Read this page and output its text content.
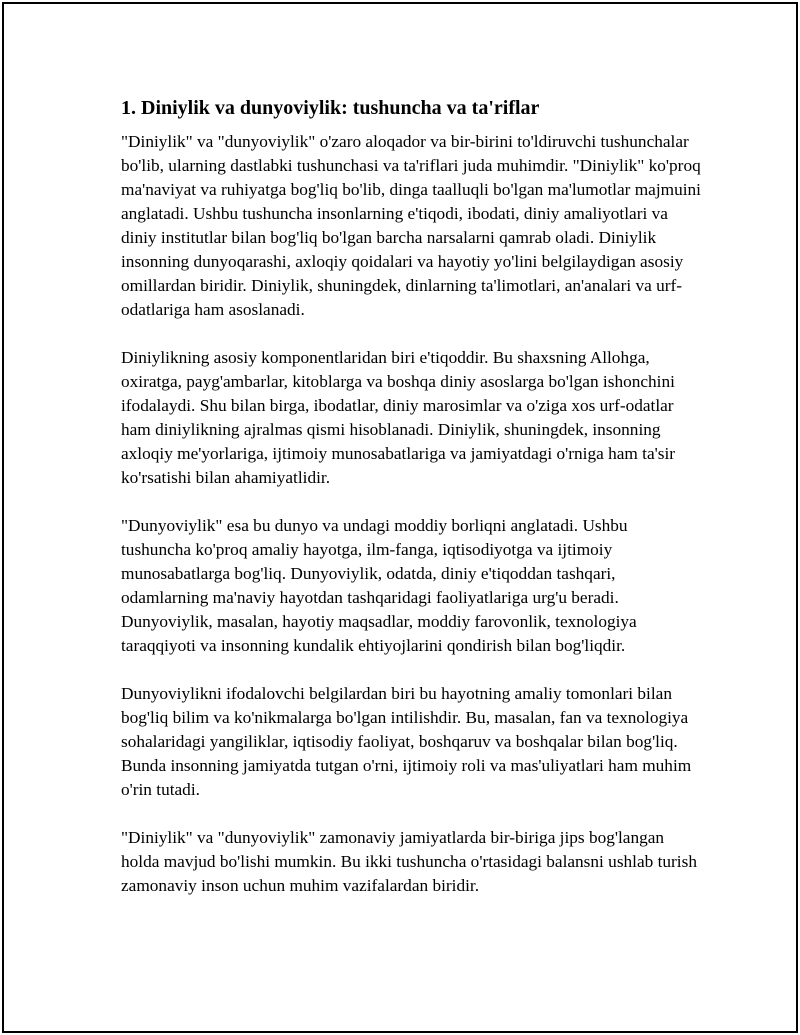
1. Diniylik va dunyoviylik: tushuncha va ta'riflar

"Diniylik" va "dunyoviylik" o'zaro aloqador va bir-birini to'ldiruvchi tushunchalar bo'lib, ularning dastlabki tushunchasi va ta'riflari juda muhimdir. "Diniylik" ko'proq ma'naviyat va ruhiyatga bog'liq bo'lib, dinga taalluqli bo'lgan ma'lumotlar majmuini anglatadi. Ushbu tushuncha insonlarning e'tiqodi, ibodati, diniy amaliyotlari va diniy institutlar bilan bog'liq bo'lgan barcha narsalarni qamrab oladi. Diniylik insonning dunyoqarashi, axloqiy qoidalari va hayotiy yo'lini belgilaydigan asosiy omillardan biridir. Diniylik, shuningdek, dinlarning ta'limotlari, an'analari va urf-odatlariga ham asoslanadi.

Diniylikning asosiy komponentlaridan biri e'tiqoddir. Bu shaxsning Allohga, oxiratga, payg'ambarlar, kitoblarga va boshqa diniy asoslarga bo'lgan ishonchini ifodalaydi. Shu bilan birga, ibodatlar, diniy marosimlar va o'ziga xos urf-odatlar ham diniylikning ajralmas qismi hisoblanadi. Diniylik, shuningdek, insonning axloqiy me'yorlariga, ijtimoiy munosabatlariga va jamiyatdagi o'rniga ham ta'sir ko'rsatishi bilan ahamiyatlidir.

"Dunyoviylik" esa bu dunyo va undagi moddiy borliqni anglatadi. Ushbu tushuncha ko'proq amaliy hayotga, ilm-fanga, iqtisodiyotga va ijtimoiy munosabatlarga bog'liq. Dunyoviylik, odatda, diniy e'tiqoddan tashqari, odamlarning ma'naviy hayotdan tashqaridagi faoliyatlariga urg'u beradi. Dunyoviylik, masalan, hayotiy maqsadlar, moddiy farovonlik, texnologiya taraqqiyoti va insonning kundalik ehtiyojlarini qondirish bilan bog'liqdir.

Dunyoviylikni ifodalovchi belgilardan biri bu hayotning amaliy tomonlari bilan bog'liq bilim va ko'nikmalarga bo'lgan intilishdir. Bu, masalan, fan va texnologiya sohalaridagi yangiliklar, iqtisodiy faoliyat, boshqaruv va boshqalar bilan bog'liq. Bunda insonning jamiyatda tutgan o'rni, ijtimoiy roli va mas'uliyatlari ham muhim o'rin tutadi.

"Diniylik" va "dunyoviylik" zamonaviy jamiyatlarda bir-biriga jips bog'langan holda mavjud bo'lishi mumkin. Bu ikki tushuncha o'rtasidagi balansni ushlab turish zamonaviy inson uchun muhim vazifalardan biridir.
